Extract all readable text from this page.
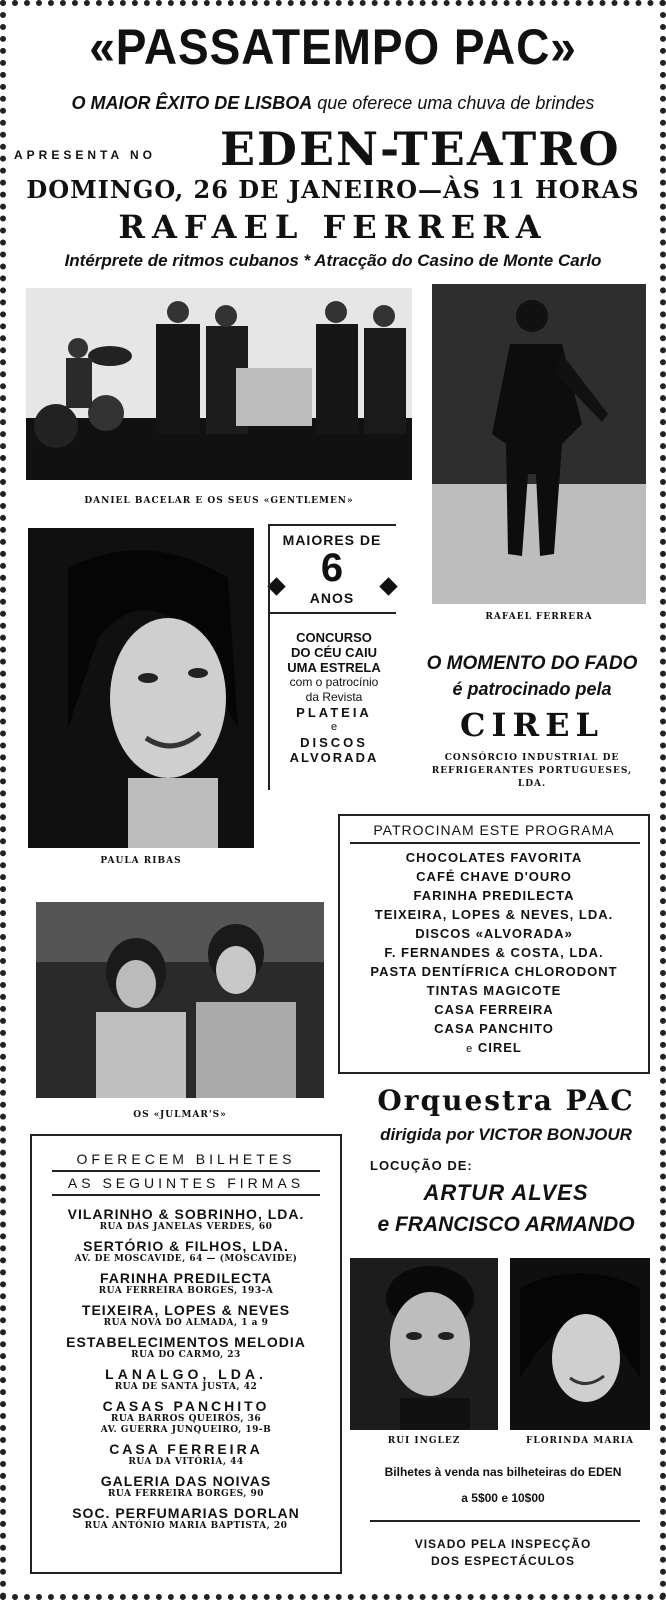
«PASSATEMPO PAC»
O MAIOR ÊXITO DE LISBOA que oferece uma chuva de brindes
APRESENTA NO EDEN-TEATRO
DOMINGO, 26 DE JANEIRO—ÀS 11 HORAS
RAFAEL FERRERA
Intérprete de ritmos cubanos * Atracção do Casino de Monte Carlo
DANIEL BACELAR E OS SEUS «GENTLEMEN»
RAFAEL FERRERA
PAULA RIBAS
MAIORES DE
6
ANOS
CONCURSO
DO CÉU CAIU
UMA ESTRELA
com o patrocínio
da Revista
PLATEIA
e
DISCOS
ALVORADA
O MOMENTO DO FADO
é patrocinado pela
CIREL
CONSÓRCIO INDUSTRIAL DE
REFRIGERANTES PORTUGUESES,
LDA.
PATROCINAM ESTE PROGRAMA
CHOCOLATES FAVORITA
CAFÉ CHAVE D'OURO
FARINHA PREDILECTA
TEIXEIRA, LOPES & NEVES, LDA.
DISCOS «ALVORADA»
F. FERNANDES & COSTA, LDA.
PASTA DENTÍFRICA CHLORODONT
TINTAS MAGICOTE
CASA FERREIRA
CASA PANCHITO
e CIREL
OS «JULMAR'S»	Orquestra PAC
dirigida por VICTOR BONJOUR
LOCUÇÃO DE:
ARTUR ALVES
e FRANCISCO ARMANDO
OFERECEM BILHETES
AS SEGUINTES FIRMAS
VILARINHO & SOBRINHO, LDA.
RUA DAS JANELAS VERDES, 60
SERTÓRIO & FILHOS, LDA.
AV. DE MOSCAVIDE, 64 — (MOSCAVIDE)
FARINHA PREDILECTA
RUA FERREIRA BORGES, 193-A
TEIXEIRA, LOPES & NEVES
RUA NOVA DO ALMADA, 1 a 9
ESTABELECIMENTOS MELODIA
RUA DO CARMO, 23
LANALGO, LDA.
RUA DE SANTA JUSTA, 42
CASAS PANCHITO
RUA BARROS QUEIRÓS, 36
AV. GUERRA JUNQUEIRO, 19-B
CASA FERREIRA
RUA DA VITÓRIA, 44
GALERIA DAS NOIVAS
RUA FERREIRA BORGES, 90
SOC. PERFUMARIAS DORLAN
RUA ANTÓNIO MARIA BAPTISTA, 20
RUI INGLEZ	FLORINDA MARIA
Bilhetes à venda nas bilheteiras do EDEN
a 5$00 e 10$00
VISADO PELA INSPECÇÃO
DOS ESPECTÁCULOS
